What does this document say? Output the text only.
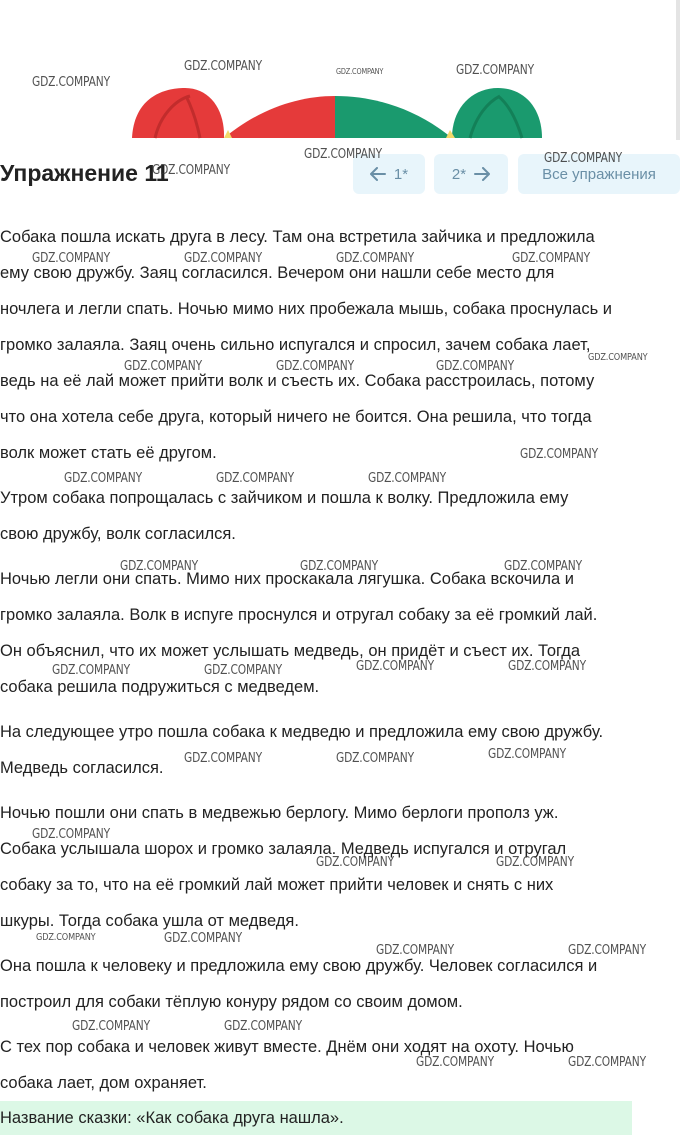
Упражнение 11	1*	2*	Все упражнения
Собака пошла искать друга в лесу. Там она встретила зайчика и предложила
ему свою дружбу. Заяц согласился. Вечером они нашли себе место для
ночлега и легли спать. Ночью мимо них пробежала мышь, собака проснулась и
громко залаяла. Заяц очень сильно испугался и спросил, зачем собака лает,
ведь на её лай может прийти волк и съесть их. Собака расстроилась, потому
что она хотела себе друга, который ничего не боится. Она решила, что тогда
волк может стать её другом.
Утром собака попрощалась с зайчиком и пошла к волку. Предложила ему
свою дружбу, волк согласился.
Ночью легли они спать. Мимо них проскакала лягушка. Собака вскочила и
громко залаяла. Волк в испуге проснулся и отругал собаку за её громкий лай.
Он объяснил, что их может услышать медведь, он придёт и съест их. Тогда
собака решила подружиться с медведем.
На следующее утро пошла собака к медведю и предложила ему свою дружбу.
Медведь согласился.
Ночью пошли они спать в медвежью берлогу. Мимо берлоги прополз уж.
Собака услышала шорох и громко залаяла. Медведь испугался и отругал
собаку за то, что на её громкий лай может прийти человек и снять с них
шкуры. Тогда собака ушла от медведя.
Она пошла к человеку и предложила ему свою дружбу. Человек согласился и
построил для собаки тёплую конуру рядом со своим домом.
С тех пор собака и человек живут вместе. Днём они ходят на охоту. Ночью
собака лает, дом охраняет.
Название сказки: «Как собака друга нашла».
GDZ.COMPANY
GDZ.COMPANY	GDZ.COMPANY	GDZ.COMPANY
GDZ.COMPANY
GDZ.COMPANY	GDZ.COMPANY
GDZ.COMPANY	GDZ.COMPANY	GDZ.COMPANY	GDZ.COMPANY
GDZ.COMPANY	GDZ.COMPANY	GDZ.COMPANY
GDZ.COMPANY
GDZ.COMPANY
GDZ.COMPANY	GDZ.COMPANY	GDZ.COMPANY
GDZ.COMPANY	GDZ.COMPANY	GDZ.COMPANY
GDZ.COMPANY	GDZ.COMPANY	GDZ.COMPANY	GDZ.COMPANY
GDZ.COMPANY	GDZ.COMPANY	GDZ.COMPANY
GDZ.COMPANY
GDZ.COMPANY	GDZ.COMPANY
GDZ.COMPANY	GDZ.COMPANY
GDZ.COMPANY	GDZ.COMPANY
GDZ.COMPANY	GDZ.COMPANY
GDZ.COMPANY	GDZ.COMPANY
